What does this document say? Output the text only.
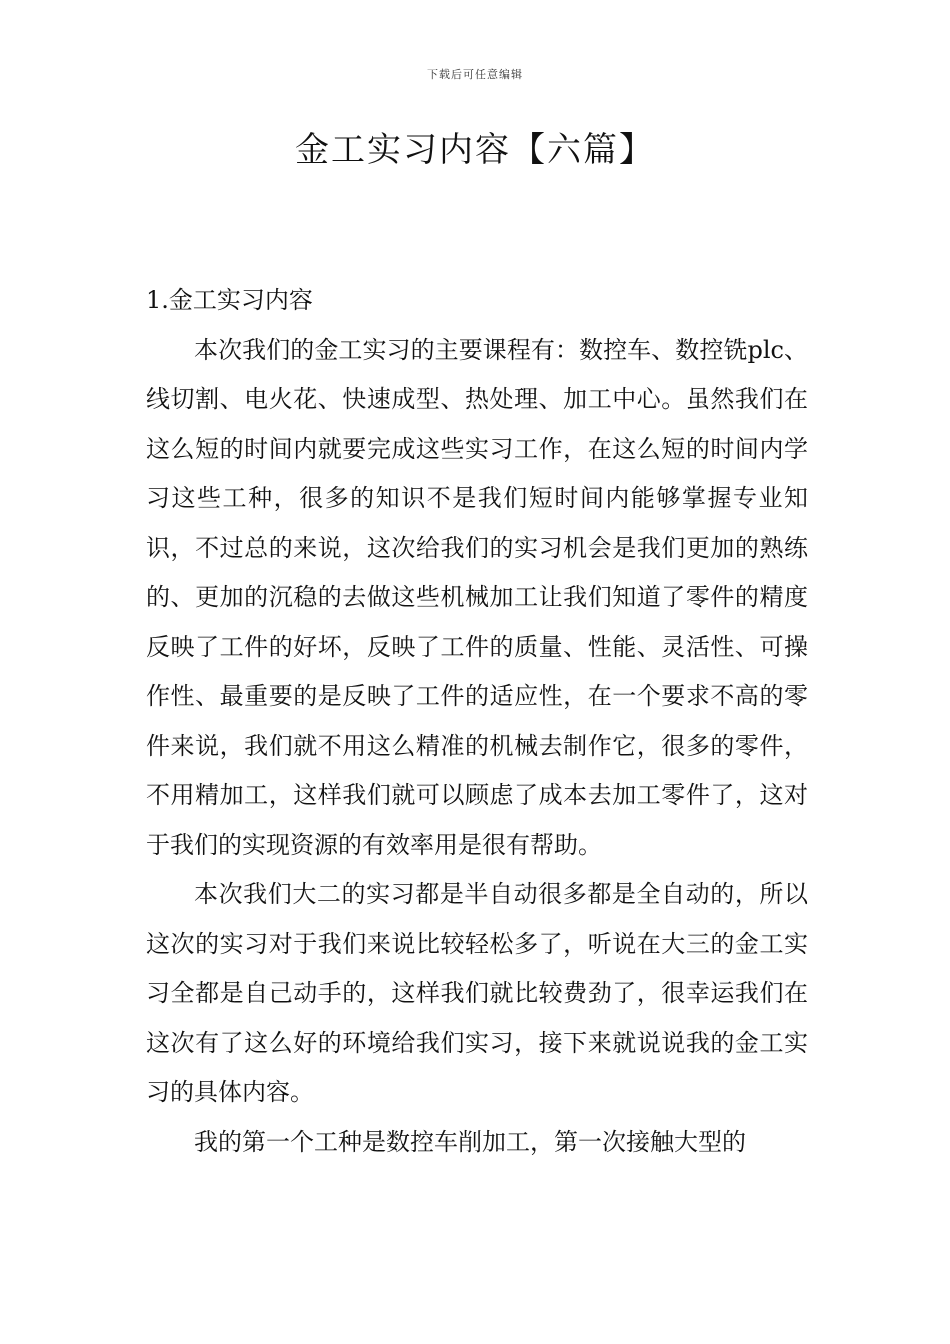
下载后可任意编辑
金工实习内容【六篇】
1.金工实习内容

本次我们的金工实习的主要课程有：数控车、数控铣plc、线切割、电火花、快速成型、热处理、加工中心。虽然我们在这么短的时间内就要完成这些实习工作，在这么短的时间内学习这些工种，很多的知识不是我们短时间内能够掌握专业知识，不过总的来说，这次给我们的实习机会是我们更加的熟练的、更加的沉稳的去做这些机械加工让我们知道了零件的精度反映了工件的好坏，反映了工件的质量、性能、灵活性、可操作性、最重要的是反映了工件的适应性，在一个要求不高的零件来说，我们就不用这么精准的机械去制作它，很多的零件，不用精加工，这样我们就可以顾虑了成本去加工零件了，这对于我们的实现资源的有效率用是很有帮助。

本次我们大二的实习都是半自动很多都是全自动的，所以这次的实习对于我们来说比较轻松多了，听说在大三的金工实习全都是自己动手的，这样我们就比较费劲了，很幸运我们在这次有了这么好的环境给我们实习，接下来就说说我的金工实习的具体内容。

我的第一个工种是数控车削加工，第一次接触大型的
